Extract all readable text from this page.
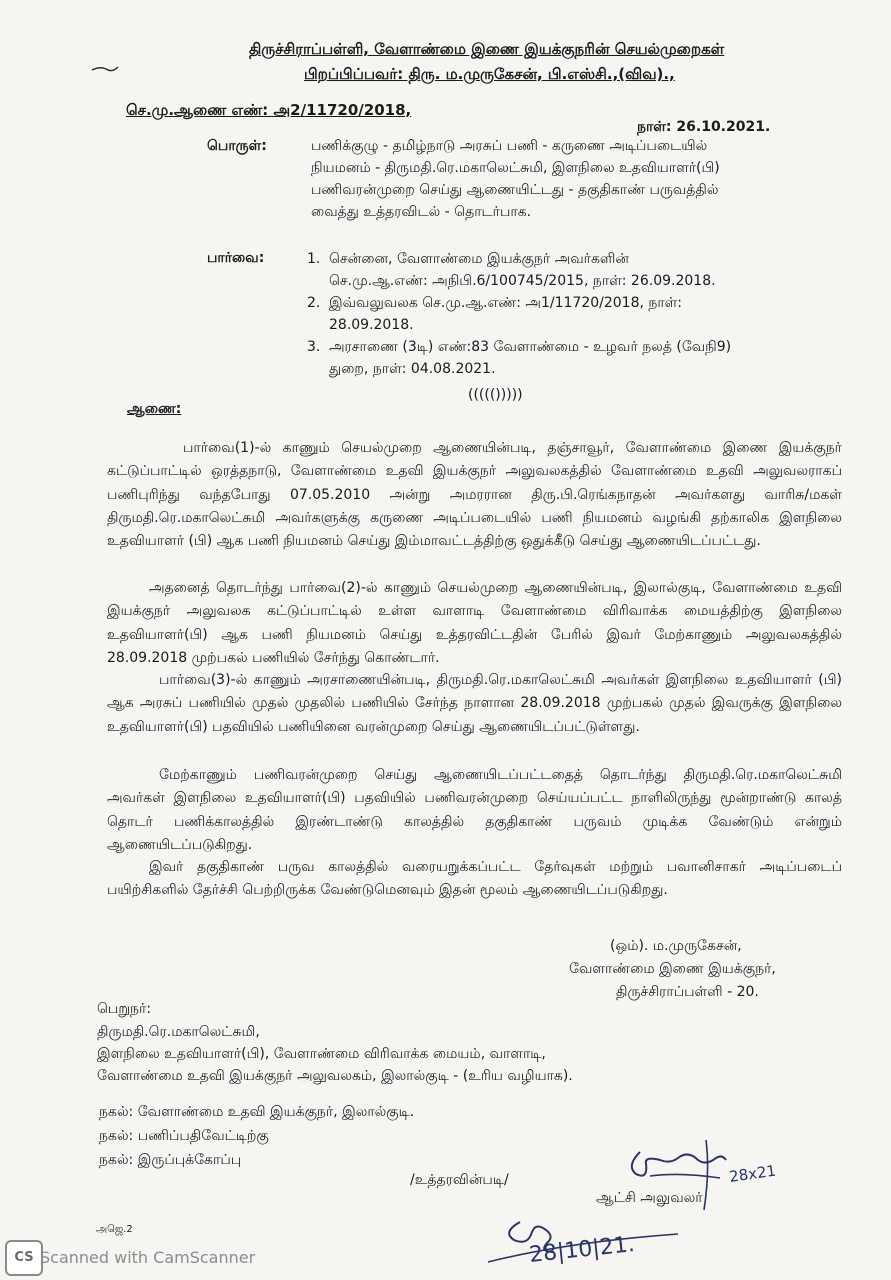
திருச்சிராப்பள்ளி, வேளாண்மை இணை இயக்குநரின் செயல்முறைகள்
பிறப்பிப்பவர்: திரு. ம.முருகேசன், பி.எஸ்சி.,(விவ).,
செ.மு.ஆணை எண்: அ2/11720/2018,
நாள்: 26.10.2021.
பொருள்:	பணிக்குழு - தமிழ்நாடு அரசுப் பணி - கருணை அடிப்படையில்
நியமனம் - திருமதி.ரெ.மகாலெட்சுமி, இளநிலை உதவியாளர்(பி)
பணிவரன்முறை செய்து ஆணையிட்டது - தகுதிகாண் பருவத்தில்
வைத்து உத்தரவிடல் - தொடர்பாக.
பார்வை:	1. சென்னை, வேளாண்மை இயக்குநர் அவர்களின்
செ.மு.ஆ.எண்: அநிபி.6/100745/2015, நாள்: 26.09.2018.
2. இவ்வலுவலக செ.மு.ஆ.எண்: அ1/11720/2018, நாள்:
28.09.2018.
3. அரசாணை (3டி) எண்:83 வேளாண்மை - உழவர் நலத் (வேநி9)
துறை, நாள்: 04.08.2021.
((((()))))
ஆணை:

பார்வை(1)-ல் காணும் செயல்முறை ஆணையின்படி, தஞ்சாவூர், வேளாண்மை இணை இயக்குநர் கட்டுப்பாட்டில் ஒரத்தநாடு, வேளாண்மை உதவி இயக்குநர் அலுவலகத்தில் வேளாண்மை உதவி அலுவலராகப் பணிபுரிந்து வந்தபோது 07.05.2010 அன்று அமரரான திரு.பி.ரெங்கநாதன் அவர்களது வாரிசு/மகள் திருமதி.ரெ.மகாலெட்சுமி அவர்களுக்கு கருணை அடிப்படையில் பணி நியமனம் வழங்கி தற்காலிக இளநிலை உதவியாளர் (பி) ஆக பணி நியமனம் செய்து இம்மாவட்டத்திற்கு ஒதுக்கீடு செய்து ஆணையிடப்பட்டது.

அதனைத் தொடர்ந்து பார்வை(2)-ல் காணும் செயல்முறை ஆணையின்படி, இலால்குடி, வேளாண்மை உதவி இயக்குநர் அலுவலக கட்டுப்பாட்டில் உள்ள வாளாடி வேளாண்மை விரிவாக்க மையத்திற்கு இளநிலை உதவியாளர்(பி) ஆக பணி நியமனம் செய்து உத்தரவிட்டதின் பேரில் இவர் மேற்காணும் அலுவலகத்தில் 28.09.2018 முற்பகல் பணியில் சேர்ந்து கொண்டார்.

பார்வை(3)-ல் காணும் அரசாணையின்படி, திருமதி.ரெ.மகாலெட்சுமி அவர்கள் இளநிலை உதவியாளர் (பி) ஆக அரசுப் பணியில் முதல் முதலில் பணியில் சேர்ந்த நாளான 28.09.2018 முற்பகல் முதல் இவருக்கு இளநிலை உதவியாளர்(பி) பதவியில் பணியினை வரன்முறை செய்து ஆணையிடப்பட்டுள்ளது.

மேற்காணும் பணிவரன்முறை செய்து ஆணையிடப்பட்டதைத் தொடர்ந்து திருமதி.ரெ.மகாலெட்சுமி அவர்கள் இளநிலை உதவியாளர்(பி) பதவியில் பணிவரன்முறை செய்யப்பட்ட நாளிலிருந்து மூன்றாண்டு காலத் தொடர் பணிக்காலத்தில் இரண்டாண்டு காலத்தில் தகுதிகாண் பருவம் முடிக்க வேண்டும் என்றும் ஆணையிடப்படுகிறது.

இவர் தகுதிகாண் பருவ காலத்தில் வரையறுக்கப்பட்ட தேர்வுகள் மற்றும் பவானிசாகர் அடிப்படைப் பயிற்சிகளில் தேர்ச்சி பெற்றிருக்க வேண்டுமெனவும் இதன் மூலம் ஆணையிடப்படுகிறது.

(ஒம்). ம.முருகேசன்,
வேளாண்மை இணை இயக்குநர்,
திருச்சிராப்பள்ளி - 20.
பெறுநர்:
திருமதி.ரெ.மகாலெட்சுமி,
இளநிலை உதவியாளர்(பி), வேளாண்மை விரிவாக்க மையம், வாளாடி,
வேளாண்மை உதவி இயக்குநர் அலுவலகம், இலால்குடி - (உரிய வழியாக).
நகல்: வேளாண்மை உதவி இயக்குநர், இலால்குடி.
நகல்: பணிப்பதிவேட்டிற்கு
நகல்: இருப்புக்கோப்பு
/உத்தரவின்படி/
ஆட்சி அலுவலர்
அஜெ.2
28x21
28|10|21.
CS Scanned with CamScanner
